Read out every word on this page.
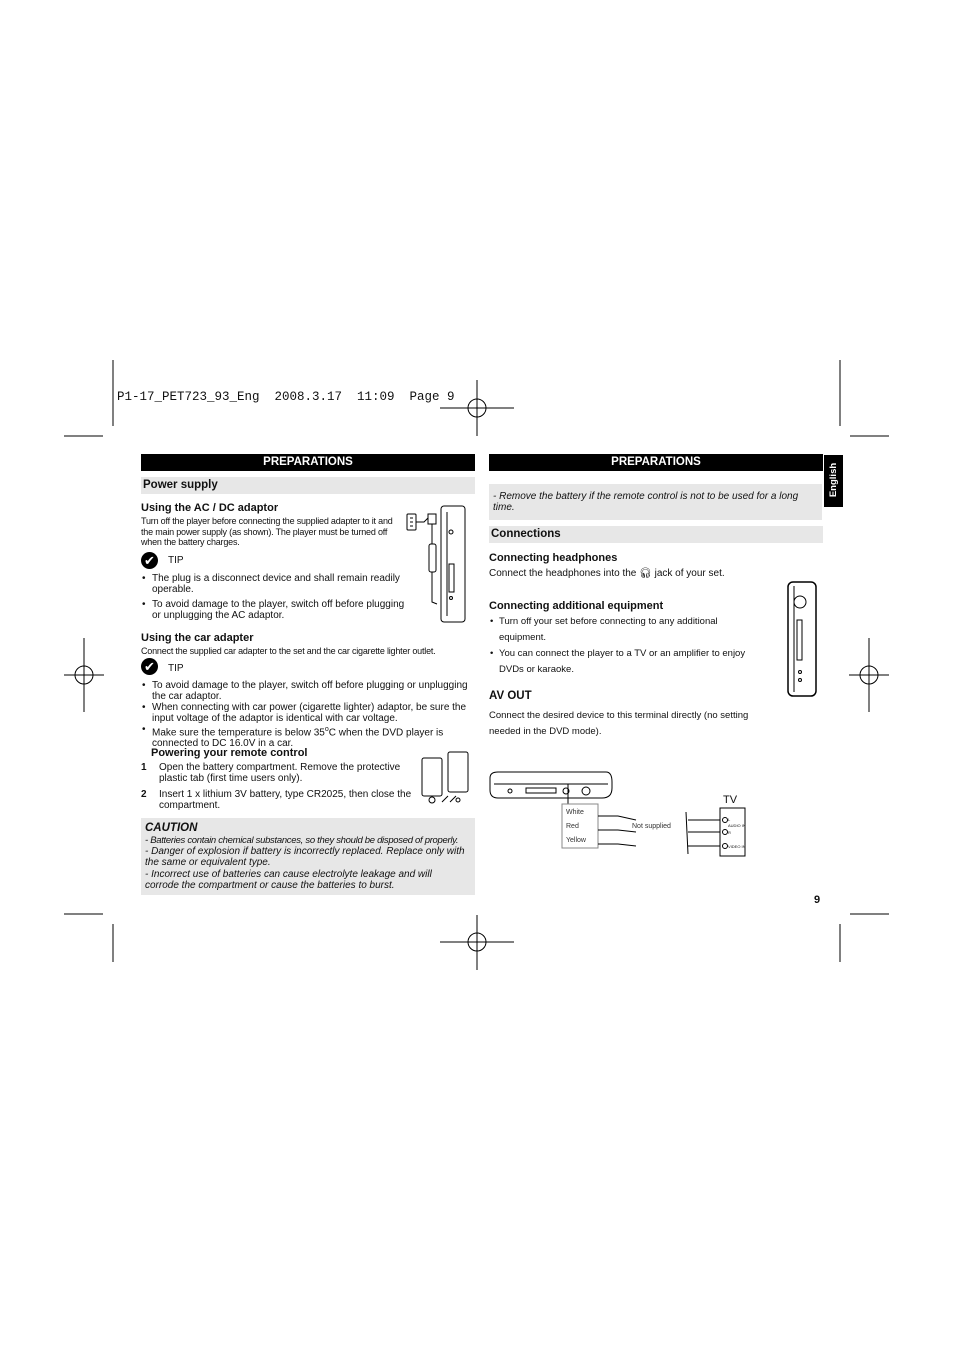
P1-17_PET723_93_Eng  2008.3.17  11:09  Page 9
PREPARATIONS
Power supply
Using the AC / DC adaptor
Turn off the player before connecting the supplied adapter to it and the main power supply (as shown). The player must be turned off when the battery charges.
✔	TIP
• The plug is a disconnect device and shall remain readily operable.
• To avoid damage to the player, switch off before plugging or unplugging the AC adaptor.
Using the car adapter
Connect the supplied car adapter to the set and the car cigarette lighter outlet.
✔	TIP
• To avoid damage to the player, switch off before plugging or unplugging the car adaptor.
• When connecting with car power (cigarette lighter) adaptor, be sure the input voltage of the adaptor is identical with car voltage.
• Make sure the temperature is below 35$^o$C when the DVD player is connected to DC 16.0V in a car.
Powering your remote control
1 Open the battery compartment. Remove the protective plastic tab (first time users only).
2 Insert 1 x lithium 3V battery, type CR2025, then close the compartment.
CAUTION
- Batteries contain chemical substances, so they should be disposed of properly.
- Danger of explosion if battery is incorrectly replaced. Replace only with the same or equivalent type.
- Incorrect use of batteries can cause electrolyte leakage and will corrode the compartment or cause the batteries to burst.
PREPARATIONS
English
- Remove the battery if the remote control is not to be used for a long time.
Connections
Connecting headphones
Connect the headphones into the 🎧︎ jack of your set.
Connecting additional equipment
• Turn off your set before connecting to any additional equipment.
• You can connect the player to a TV or an amplifier to enjoy DVDs or karaoke.
AV OUT
Connect the desired device to this terminal directly (no setting needed in the DVD mode).
White
Red
Yellow
Not supplied
TV
L
AUDIO IN
R
VIDEO IN
9
